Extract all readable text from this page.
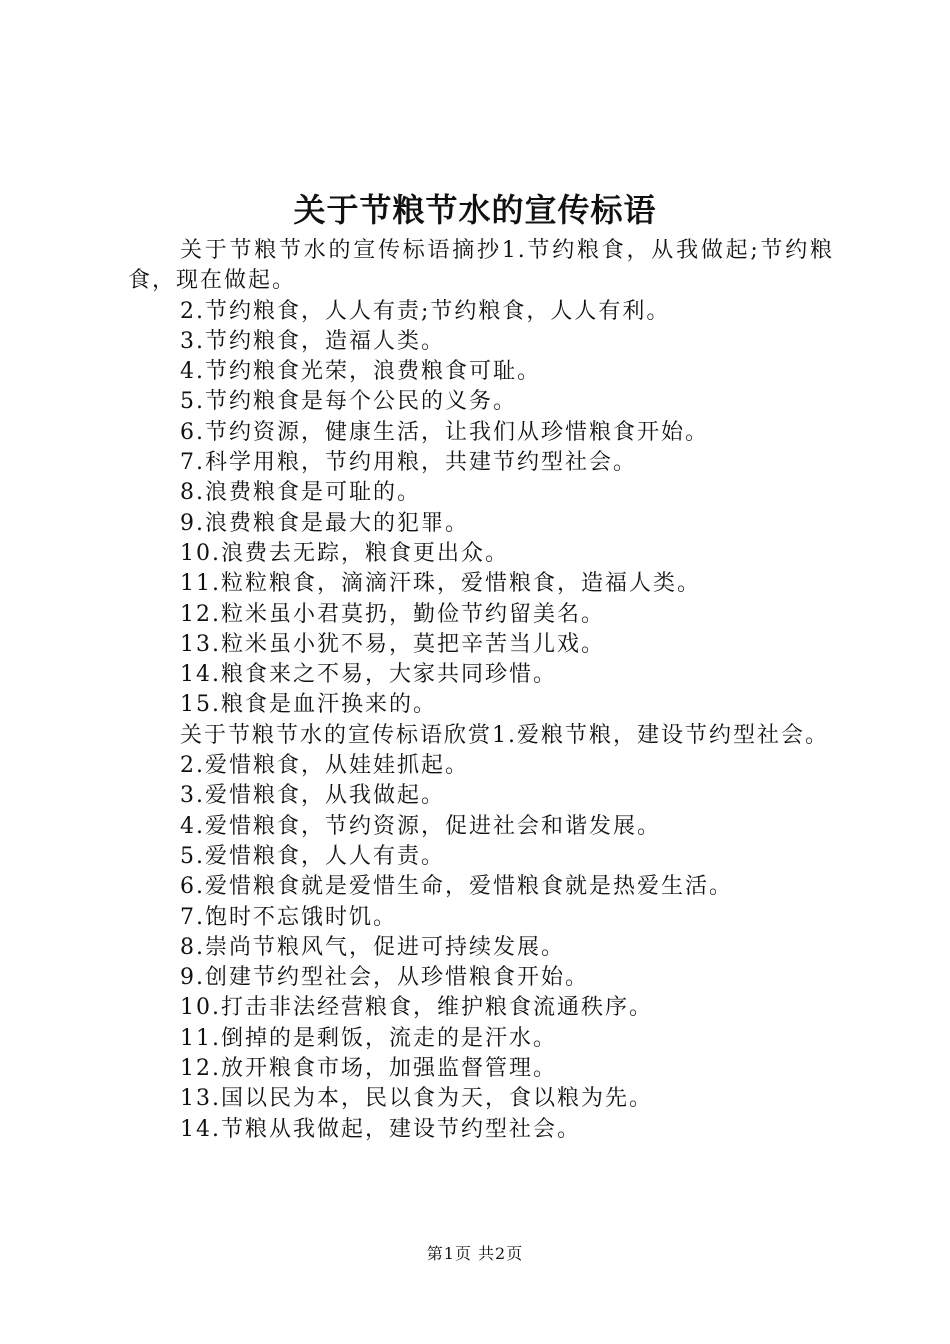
关于节粮节水的宣传标语

关于节粮节水的宣传标语摘抄1.节约粮食，从我做起;节约粮食，现在做起。

2.节约粮食，人人有责;节约粮食，人人有利。

3.节约粮食，造福人类。

4.节约粮食光荣，浪费粮食可耻。

5.节约粮食是每个公民的义务。

6.节约资源，健康生活，让我们从珍惜粮食开始。

7.科学用粮，节约用粮，共建节约型社会。

8.浪费粮食是可耻的。

9.浪费粮食是最大的犯罪。

10.浪费去无踪，粮食更出众。

11.粒粒粮食，滴滴汗珠，爱惜粮食，造福人类。

12.粒米虽小君莫扔，勤俭节约留美名。

13.粒米虽小犹不易，莫把辛苦当儿戏。

14.粮食来之不易，大家共同珍惜。

15.粮食是血汗换来的。

关于节粮节水的宣传标语欣赏1.爱粮节粮，建设节约型社会。

2.爱惜粮食，从娃娃抓起。

3.爱惜粮食，从我做起。

4.爱惜粮食，节约资源，促进社会和谐发展。

5.爱惜粮食，人人有责。

6.爱惜粮食就是爱惜生命，爱惜粮食就是热爱生活。

7.饱时不忘饿时饥。

8.崇尚节粮风气，促进可持续发展。

9.创建节约型社会，从珍惜粮食开始。

10.打击非法经营粮食，维护粮食流通秩序。

11.倒掉的是剩饭，流走的是汗水。

12.放开粮食市场，加强监督管理。

13.国以民为本，民以食为天，食以粮为先。

14.节粮从我做起，建设节约型社会。

第1页 共2页
